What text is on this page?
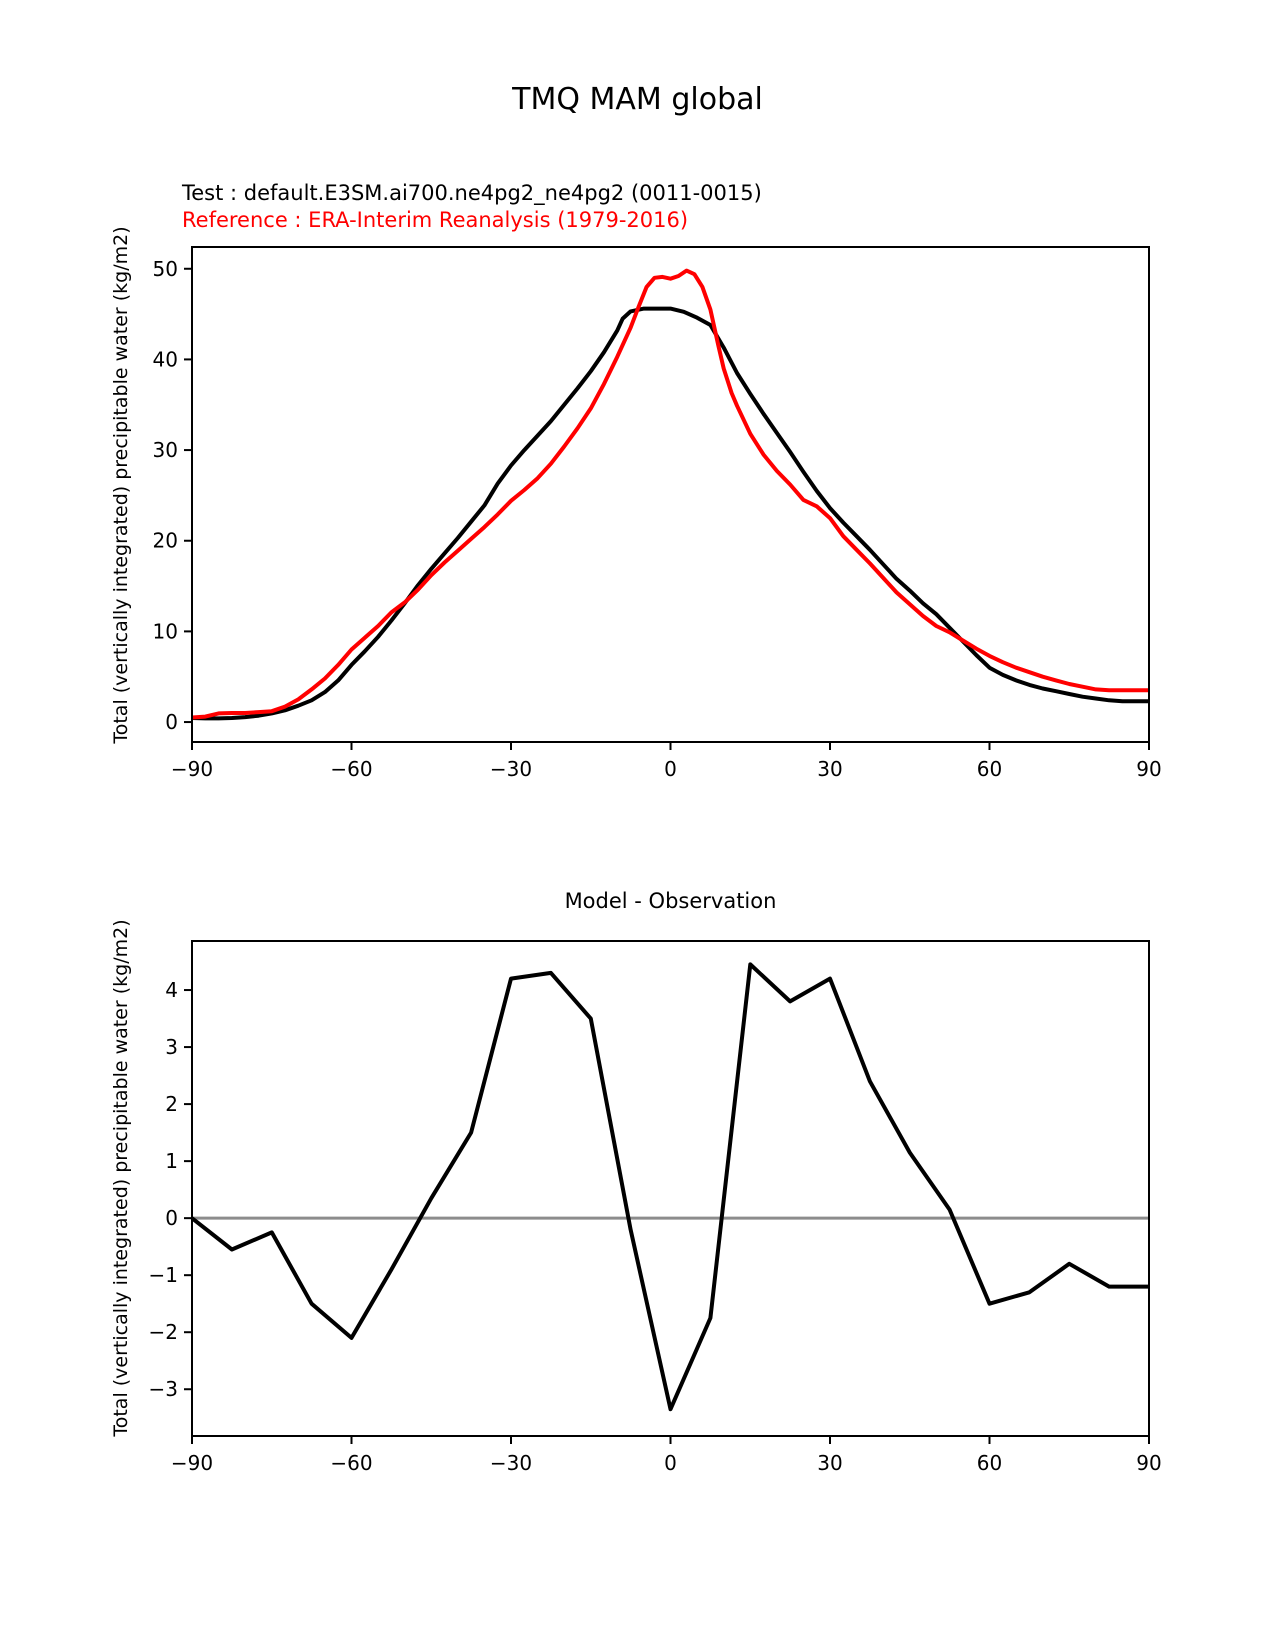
−90	−60	−30	0	30	60	90
0
10
20
30
40
50
−90	−60	−30	0	30	60	90
−3
−2
−1
0
1
2
3
4
TMQ MAM global
Test : default.E3SM.ai700.ne4pg2_ne4pg2 (0011-0015)
Reference : ERA-Interim Reanalysis (1979-2016)
Total (vertically integrated) precipitable water (kg/m2)
Total (vertically integrated) precipitable water (kg/m2)
Model - Observation
